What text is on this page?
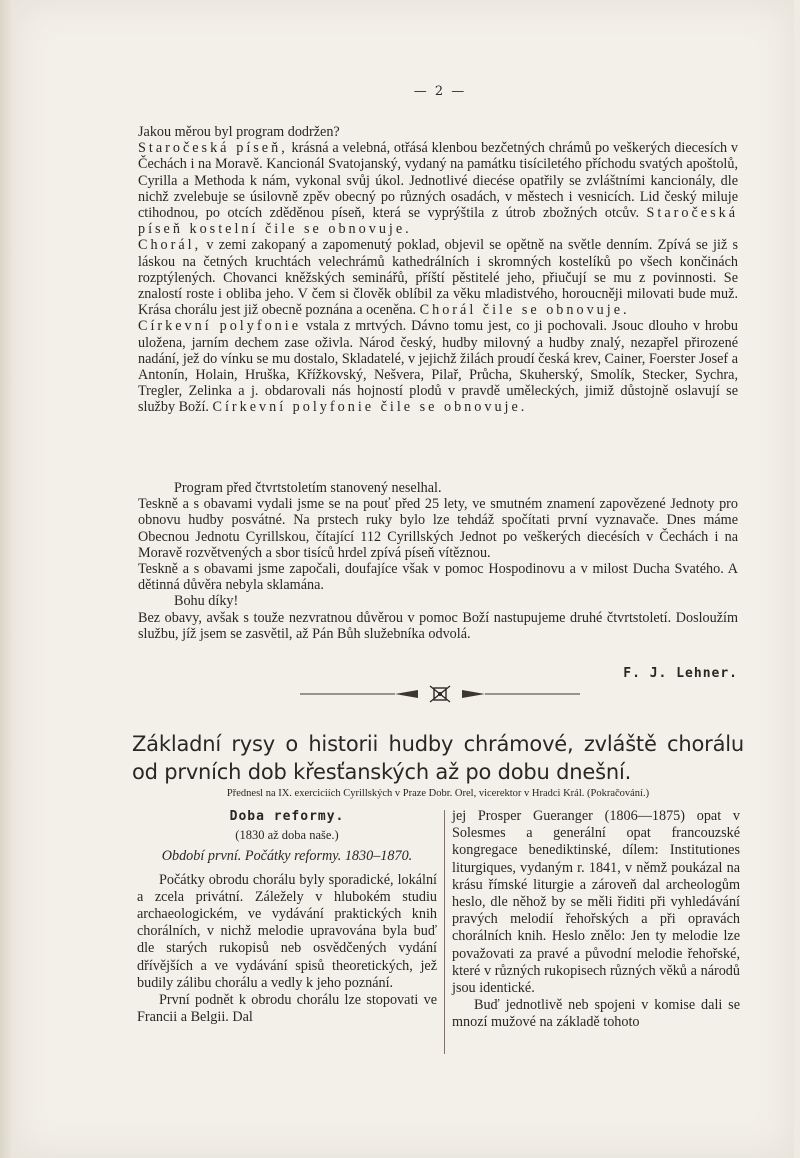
— 2 —

Jakou měrou byl program dodržen?

Staročeská píseň, krásná a velebná, otřásá klenbou bezčetných chrámů po veškerých diecesích v Čechách i na Moravě. Kancionál Svatojanský, vydaný na památku tisíciletého příchodu svatých apoštolů, Cyrilla a Methoda k nám, vykonal svůj úkol. Jednotlivé diecése opatřily se zvláštními kancionály, dle nichž zvelebuje se úsilovně zpěv obecný po různých osadách, v městech i vesnicích. Lid český miluje ctihodnou, po otcích zděděnou píseň, která se vyprýštila z útrob zbožných otcův. Staročeská píseň kostelní čile se obnovuje.

Chorál, v zemi zakopaný a zapomenutý poklad, objevil se opětně na světle denním. Zpívá se již s láskou na četných kruchtách velechrámů kathedrálních i skromných kostelíků po všech končinách rozptýlených. Chovanci kněžských seminářů, příští pěstitelé jeho, přiučují se mu z povinnosti. Se znalostí roste i obliba jeho. V čem si člověk oblíbil za věku mladistvého, horoucněji milovati bude muž. Krása chorálu jest již obecně poznána a oceněna. Chorál čile se obnovuje.

Církevní polyfonie vstala z mrtvých. Dávno tomu jest, co ji pochovali. Jsouc dlouho v hrobu uložena, jarním dechem zase oživla. Národ český, hudby milovný a hudby znalý, nezapřel přirozené nadání, jež do vínku se mu dostalo, Skladatelé, v jejichž žilách proudí česká krev, Cainer, Foerster Josef a Antonín, Holain, Hruška, Křížkovský, Nešvera, Pilař, Průcha, Skuherský, Smolík, Stecker, Sychra, Tregler, Zelinka a j. obdarovali nás hojností plodů v pravdě uměleckých, jimiž důstojně oslavují se služby Boží. Církevní polyfonie čile se obnovuje.

Program před čtvrtstoletím stanovený neselhal.

Teskně a s obavami vydali jsme se na pouť před 25 lety, ve smutném znamení zapovězené Jednoty pro obnovu hudby posvátné. Na prstech ruky bylo lze tehdáž spočítati první vyznavače. Dnes máme Obecnou Jednotu Cyrillskou, čítající 112 Cyrillských Jednot po veškerých diecésích v Čechách i na Moravě rozvětvených a sbor tisíců hrdel zpívá píseň vítěznou.

Teskně a s obavami jsme započali, doufajíce však v pomoc Hospodinovu a v milost Ducha Svatého. A dětinná důvěra nebyla sklamána.

Bohu díky!

Bez obavy, avšak s touže nezvratnou důvěrou v pomoc Boží nastupujeme druhé čtvrtstoletí. Dosloužím službu, jíž jsem se zasvětil, až Pán Bůh služebníka odvolá.

F. J. Lehner.
Základní rysy o historii hudby chrámové, zvláště chorálu od prvních dob křesťanských až po dobu dnešní.
Přednesl na IX. exerciciích Cyrillských v Praze Dobr. Orel, vicerektor v Hradci Král. (Pokračování.)

Doba reformy.

(1830 až doba naše.)

Období první. Počátky reformy. 1830–1870.

Počátky obrodu chorálu byly sporadické, lokální a zcela privátní. Záležely v hlubokém studiu archaeologickém, ve vydávání praktických knih chorálních, v nichž melodie upravována byla buď dle starých rukopisů neb osvědčených vydání dřívějších a ve vydávání spisů theoretických, jež budily zálibu chorálu a vedly k jeho poznání.

První podnět k obrodu chorálu lze stopovati ve Francii a Belgii. Dal

jej Prosper Gueranger (1806—1875) opat v Solesmes a generální opat francouzské kongregace benediktinské, dílem: Institutiones liturgiques, vydaným r. 1841, v němž poukázal na krásu římské liturgie a zároveň dal archeologům heslo, dle něhož by se měli řiditi při vyhledávání pravých melodií řehořských a při opravách chorálních knih. Heslo znělo: Jen ty melodie lze považovati za pravé a původní melodie řehořské, které v různých rukopisech různých věků a národů jsou identické.

Buď jednotlivě neb spojeni v komise dali se mnozí mužové na základě tohoto
